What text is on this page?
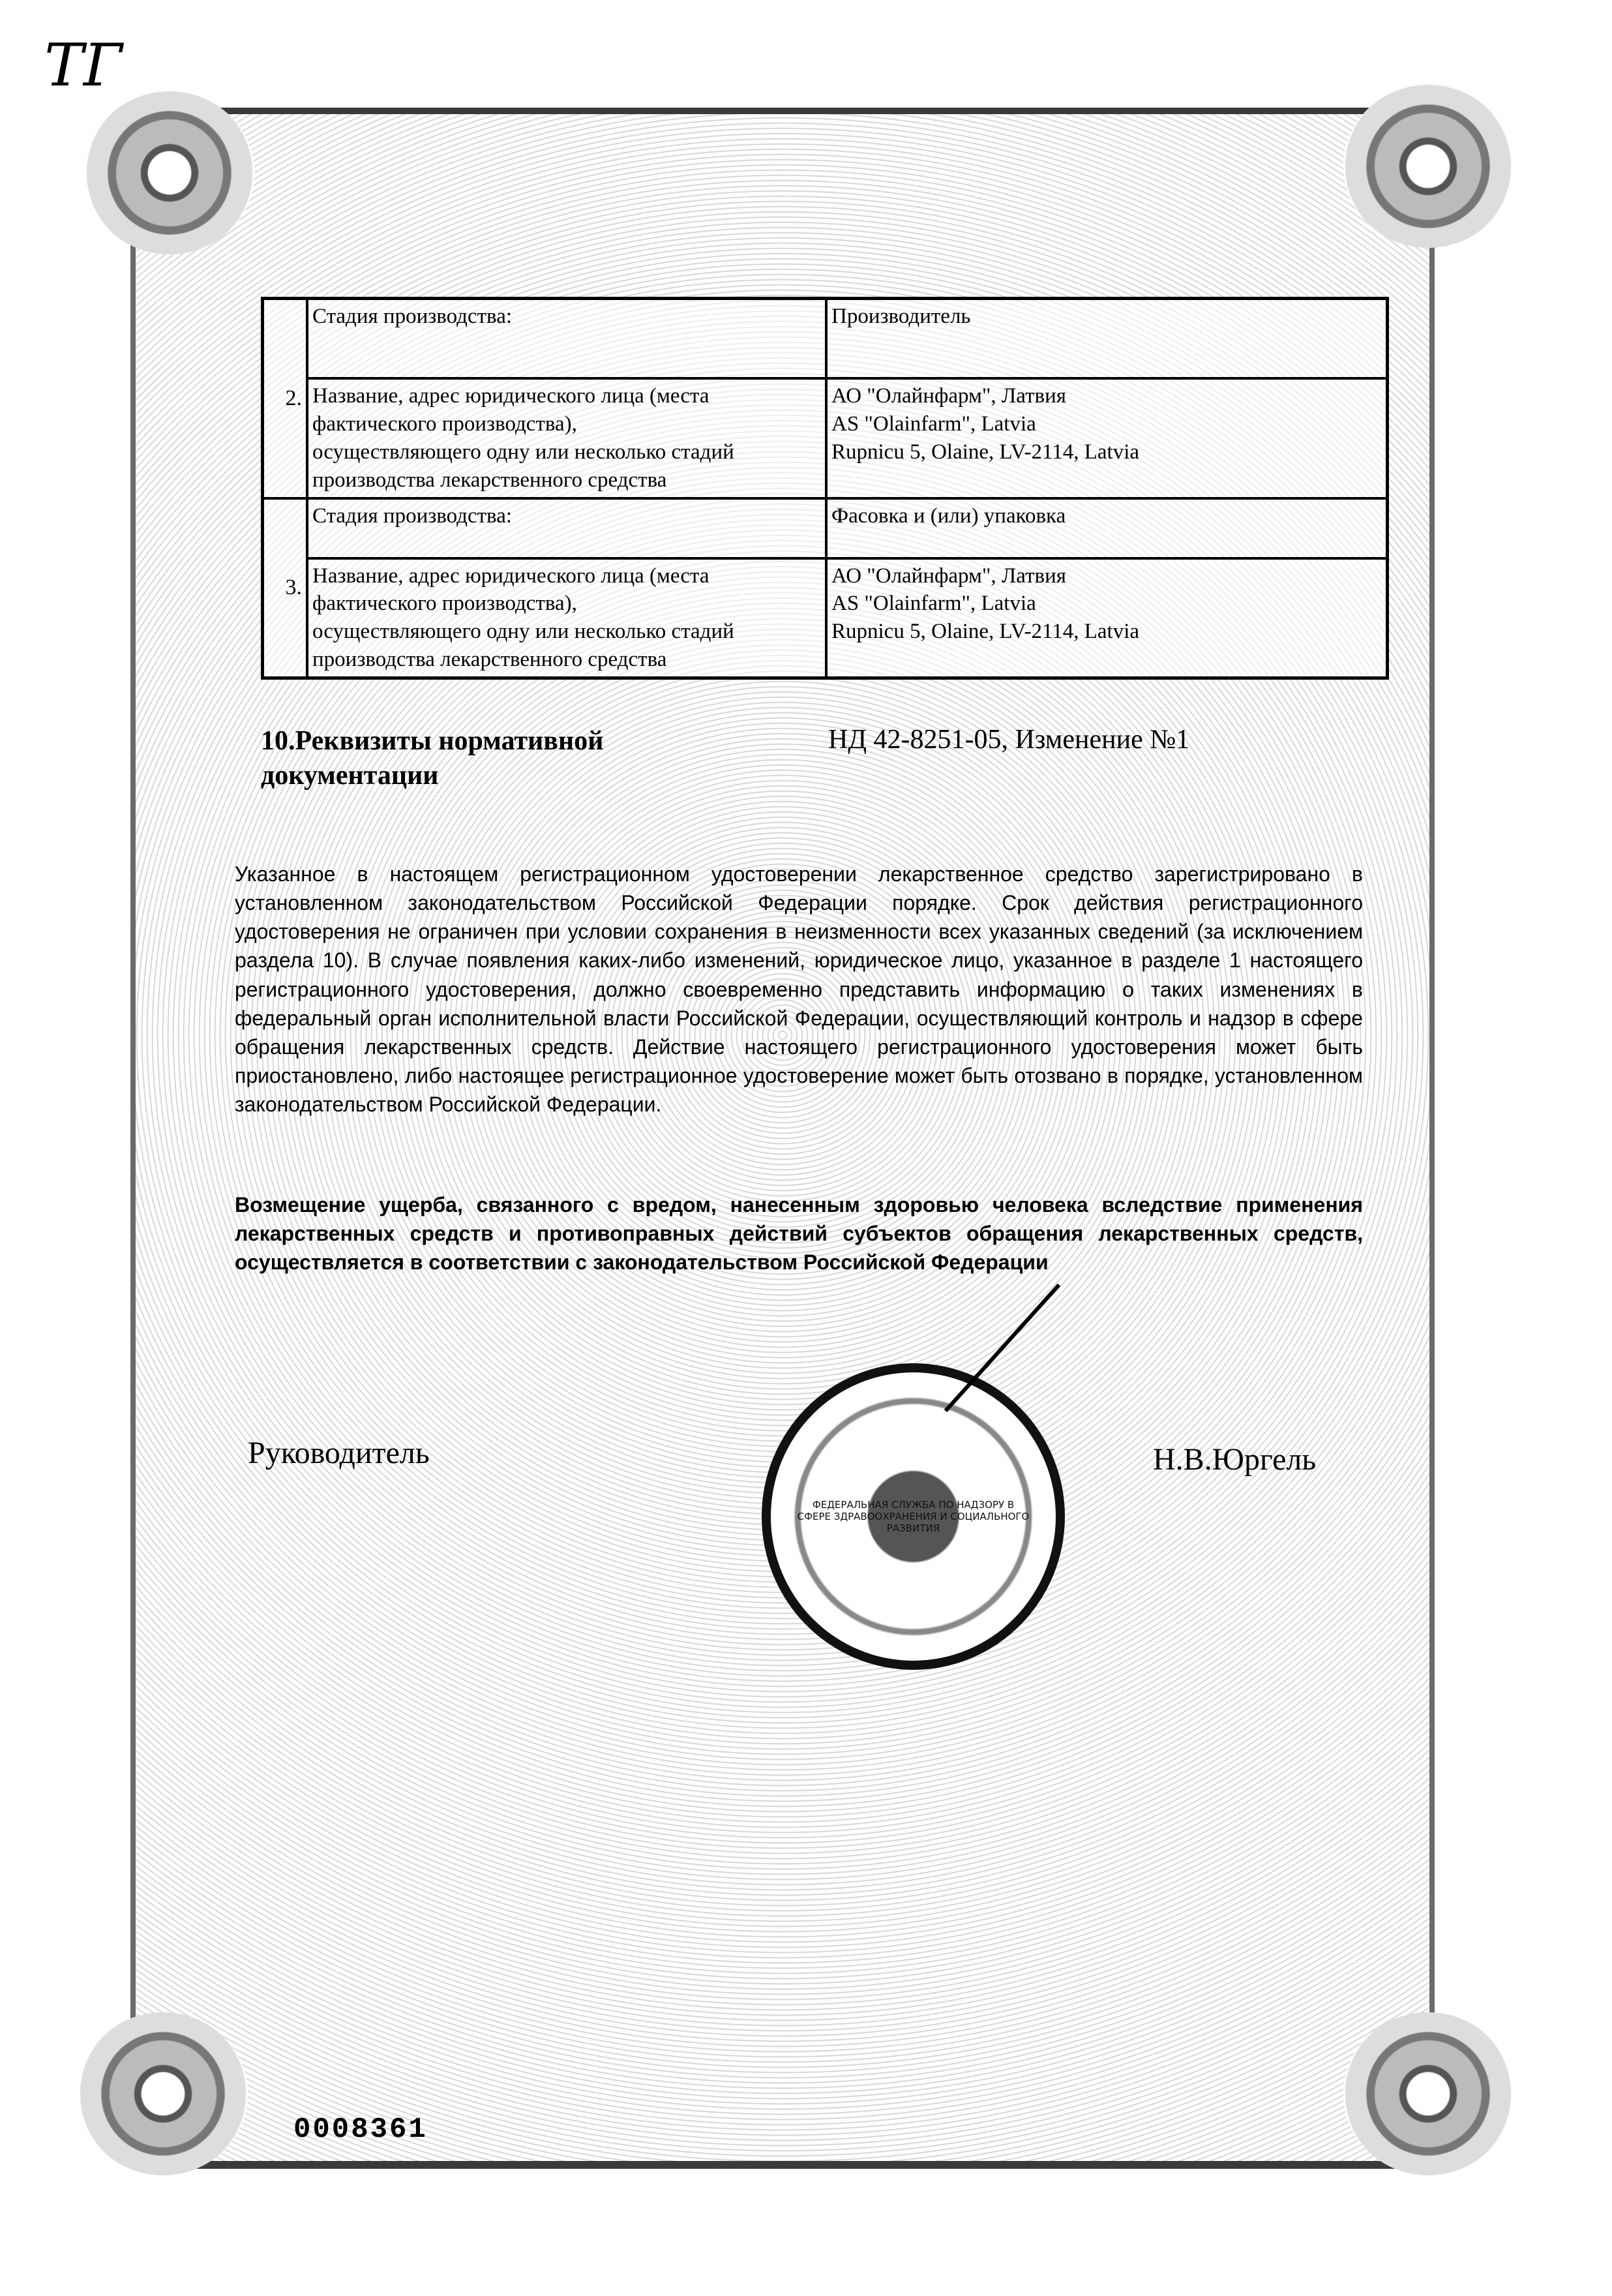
ТГ
2.	Стадия производства:	Производитель

	Название, адрес юридического лица (места
фактического производства),
осуществляющего одну или несколько стадий
производства лекарственного средства	АО "Олайнфарм", Латвия
AS "Olainfarm", Latvia
Rupnicu 5, Olaine, LV-2114, Latvia

3.	Стадия производства:	Фасовка и (или) упаковка

	Название, адрес юридического лица (места
фактического производства),
осуществляющего одну или несколько стадий
производства лекарственного средства	АО "Олайнфарм", Латвия
AS "Olainfarm", Latvia
Rupnicu 5, Olaine, LV-2114, Latvia
10.Реквизиты нормативной документации
НД 42-8251-05, Изменение №1
Указанное в настоящем регистрационном удостоверении лекарственное средство зарегистрировано в установленном законодательством Российской Федерации порядке. Срок действия регистрационного удостоверения не ограничен при условии сохранения в неизменности всех указанных сведений (за исключением раздела 10). В случае появления каких-либо изменений, юридическое лицо, указанное в разделе 1 настоящего регистрационного удостоверения, должно своевременно представить информацию о таких изменениях в федеральный орган исполнительной власти Российской Федерации, осуществляющий контроль и надзор в сфере обращения лекарственных средств. Действие настоящего регистрационного удостоверения может быть приостановлено, либо настоящее регистрационное удостоверение может быть отозвано в порядке, установленном законодательством Российской Федерации.
Возмещение ущерба, связанного с вредом, нанесенным здоровью человека вследствие применения лекарственных средств и противоправных действий субъектов обращения лекарственных средств, осуществляется в соответствии с законодательством Российской Федерации
Руководитель
ФЕДЕРАЛЬНАЯ СЛУЖБА ПО НАДЗОРУ В СФЕРЕ ЗДРАВООХРАНЕНИЯ И СОЦИАЛЬНОГО РАЗВИТИЯ
Н.В.Юргель
0008361
